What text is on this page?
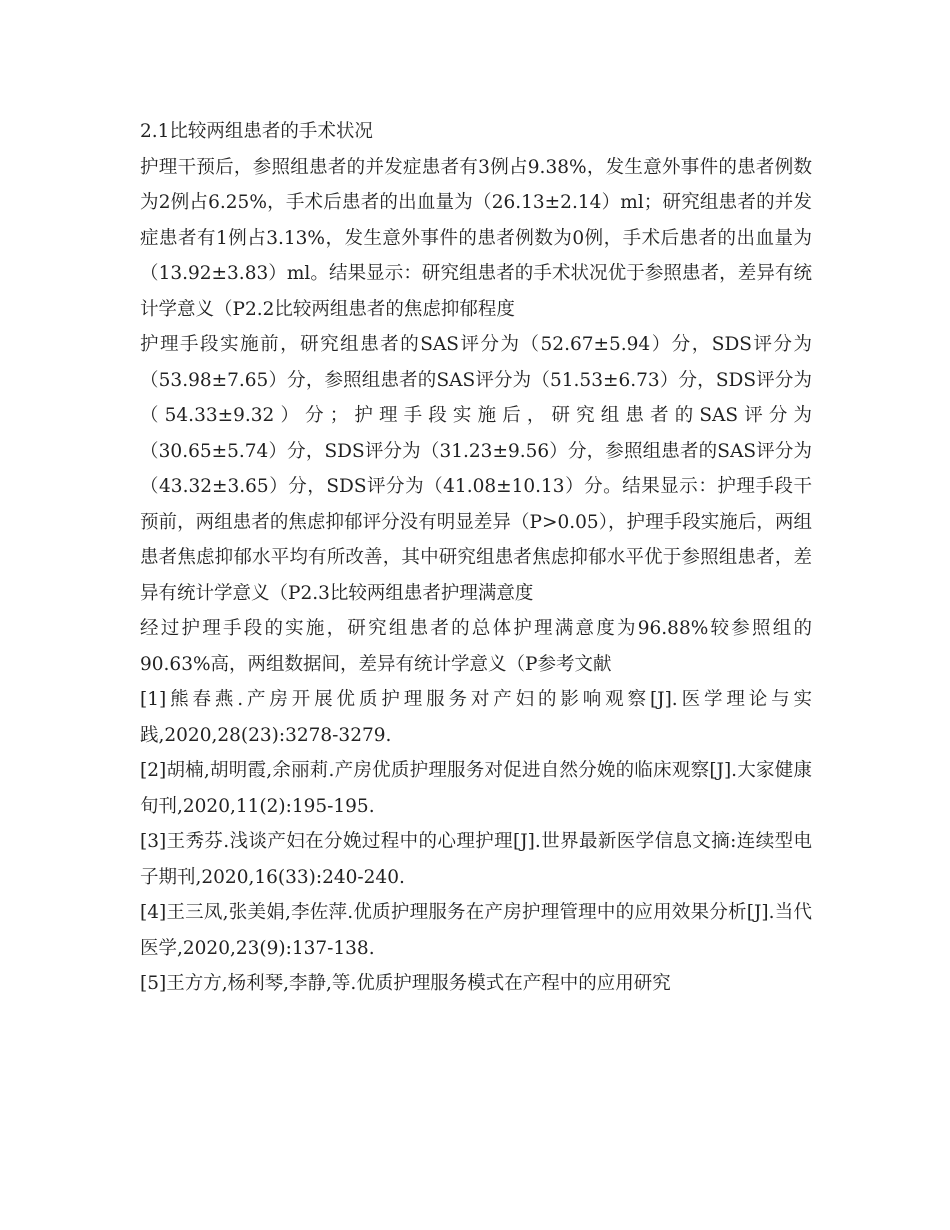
2.1比较两组患者的手术状况

护理干预后，参照组患者的并发症患者有3例占9.38%，发生意外事件的患者例数为2例占6.25%，手术后患者的出血量为（26.13±2.14）ml；研究组患者的并发症患者有1例占3.13%，发生意外事件的患者例数为0例，手术后患者的出血量为（13.92±3.83）ml。结果显示：研究组患者的手术状况优于参照患者，差异有统计学意义（P2.2比较两组患者的焦虑抑郁程度

护理手段实施前，研究组患者的SAS评分为（52.67±5.94）分，SDS评分为（53.98±7.65）分，参照组患者的SAS评分为（51.53±6.73）分，SDS评分为（54.33±9.32）分；护理手段实施后，研究组患者的SAS评分为（30.65±5.74）分，SDS评分为（31.23±9.56）分，参照组患者的SAS评分为（43.32±3.65）分，SDS评分为（41.08±10.13）分。结果显示：护理手段干预前，两组患者的焦虑抑郁评分没有明显差异（P>0.05），护理手段实施后，两组患者焦虑抑郁水平均有所改善，其中研究组患者焦虑抑郁水平优于参照组患者，差异有统计学意义（P2.3比较两组患者护理满意度

经过护理手段的实施，研究组患者的总体护理满意度为96.88%较参照组的90.63%高，两组数据间，差异有统计学意义（P参考文献

[1]熊春燕.产房开展优质护理服务对产妇的影响观察[J].医学理论与实践,2020,28(23):3278-3279.

[2]胡楠,胡明霞,余丽莉.产房优质护理服务对促进自然分娩的临床观察[J].大家健康旬刊,2020,11(2):195-195.

[3]王秀芬.浅谈产妇在分娩过程中的心理护理[J].世界最新医学信息文摘:连续型电子期刊,2020,16(33):240-240.

[4]王三凤,张美娟,李佐萍.优质护理服务在产房护理管理中的应用效果分析[J].当代医学,2020,23(9):137-138.

[5]王方方,杨利琴,李静,等.优质护理服务模式在产程中的应用研究
